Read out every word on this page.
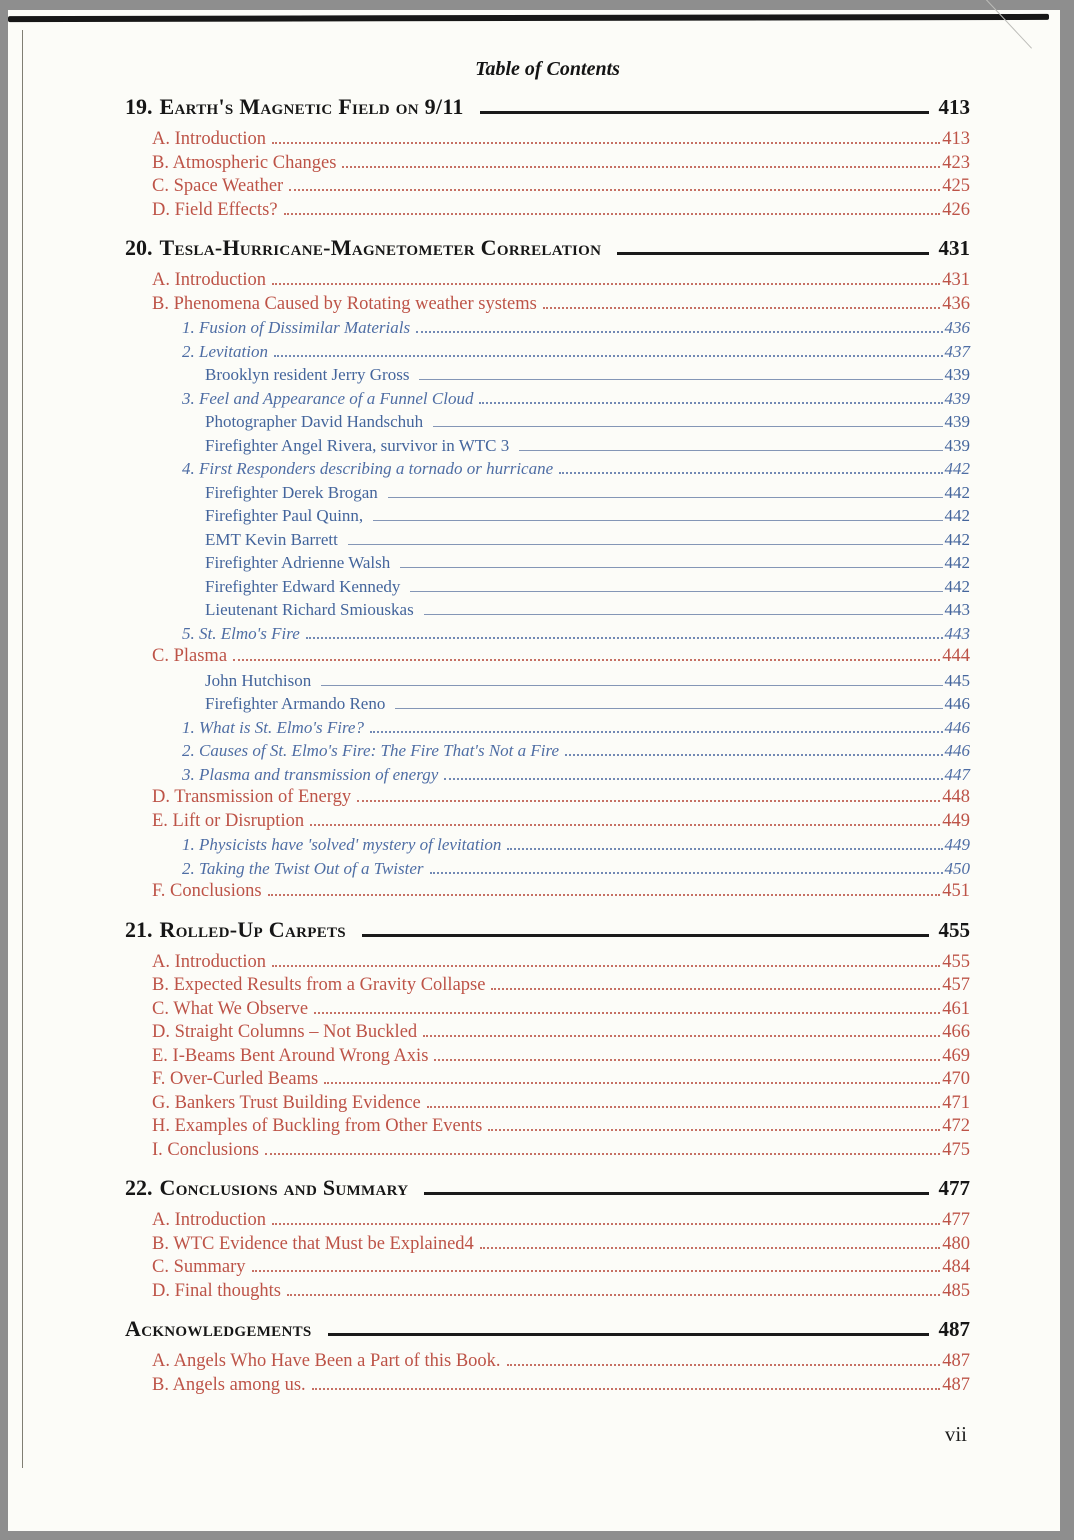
Table of Contents
19. Earth's Magnetic Field on 9/11	413
A. Introduction	413
B. Atmospheric Changes	423
C. Space Weather	425
D. Field Effects?	426
20. Tesla-Hurricane-Magnetometer Correlation	431
A. Introduction	431
B. Phenomena Caused by Rotating weather systems	436
1. Fusion of Dissimilar Materials	436
2. Levitation	437
Brooklyn resident Jerry Gross	439
3. Feel and Appearance of a Funnel Cloud	439
Photographer David Handschuh	439
Firefighter Angel Rivera, survivor in WTC 3	439
4. First Responders describing a tornado or hurricane	442
Firefighter Derek Brogan	442
Firefighter Paul Quinn,	442
EMT Kevin Barrett	442
Firefighter Adrienne Walsh	442
Firefighter Edward Kennedy	442
Lieutenant Richard Smiouskas	443
5. St. Elmo's Fire	443
C. Plasma	444
John Hutchison	445
Firefighter Armando Reno	446
1. What is St. Elmo's Fire?	446
2. Causes of St. Elmo's Fire: The Fire That's Not a Fire	446
3. Plasma and transmission of energy	447
D. Transmission of Energy	448
E. Lift or Disruption	449
1. Physicists have 'solved' mystery of levitation	449
2. Taking the Twist Out of a Twister	450
F. Conclusions	451
21. Rolled-Up Carpets	455
A. Introduction	455
B. Expected Results from a Gravity Collapse	457
C. What We Observe	461
D. Straight Columns – Not Buckled	466
E. I-Beams Bent Around Wrong Axis	469
F. Over-Curled Beams	470
G. Bankers Trust Building Evidence	471
H. Examples of Buckling from Other Events	472
I. Conclusions	475
22. Conclusions and Summary	477
A. Introduction	477
B. WTC Evidence that Must be Explained4	480
C. Summary	484
D. Final thoughts	485
Acknowledgements	487
A. Angels Who Have Been a Part of this Book.	487
B. Angels among us.	487
vii
